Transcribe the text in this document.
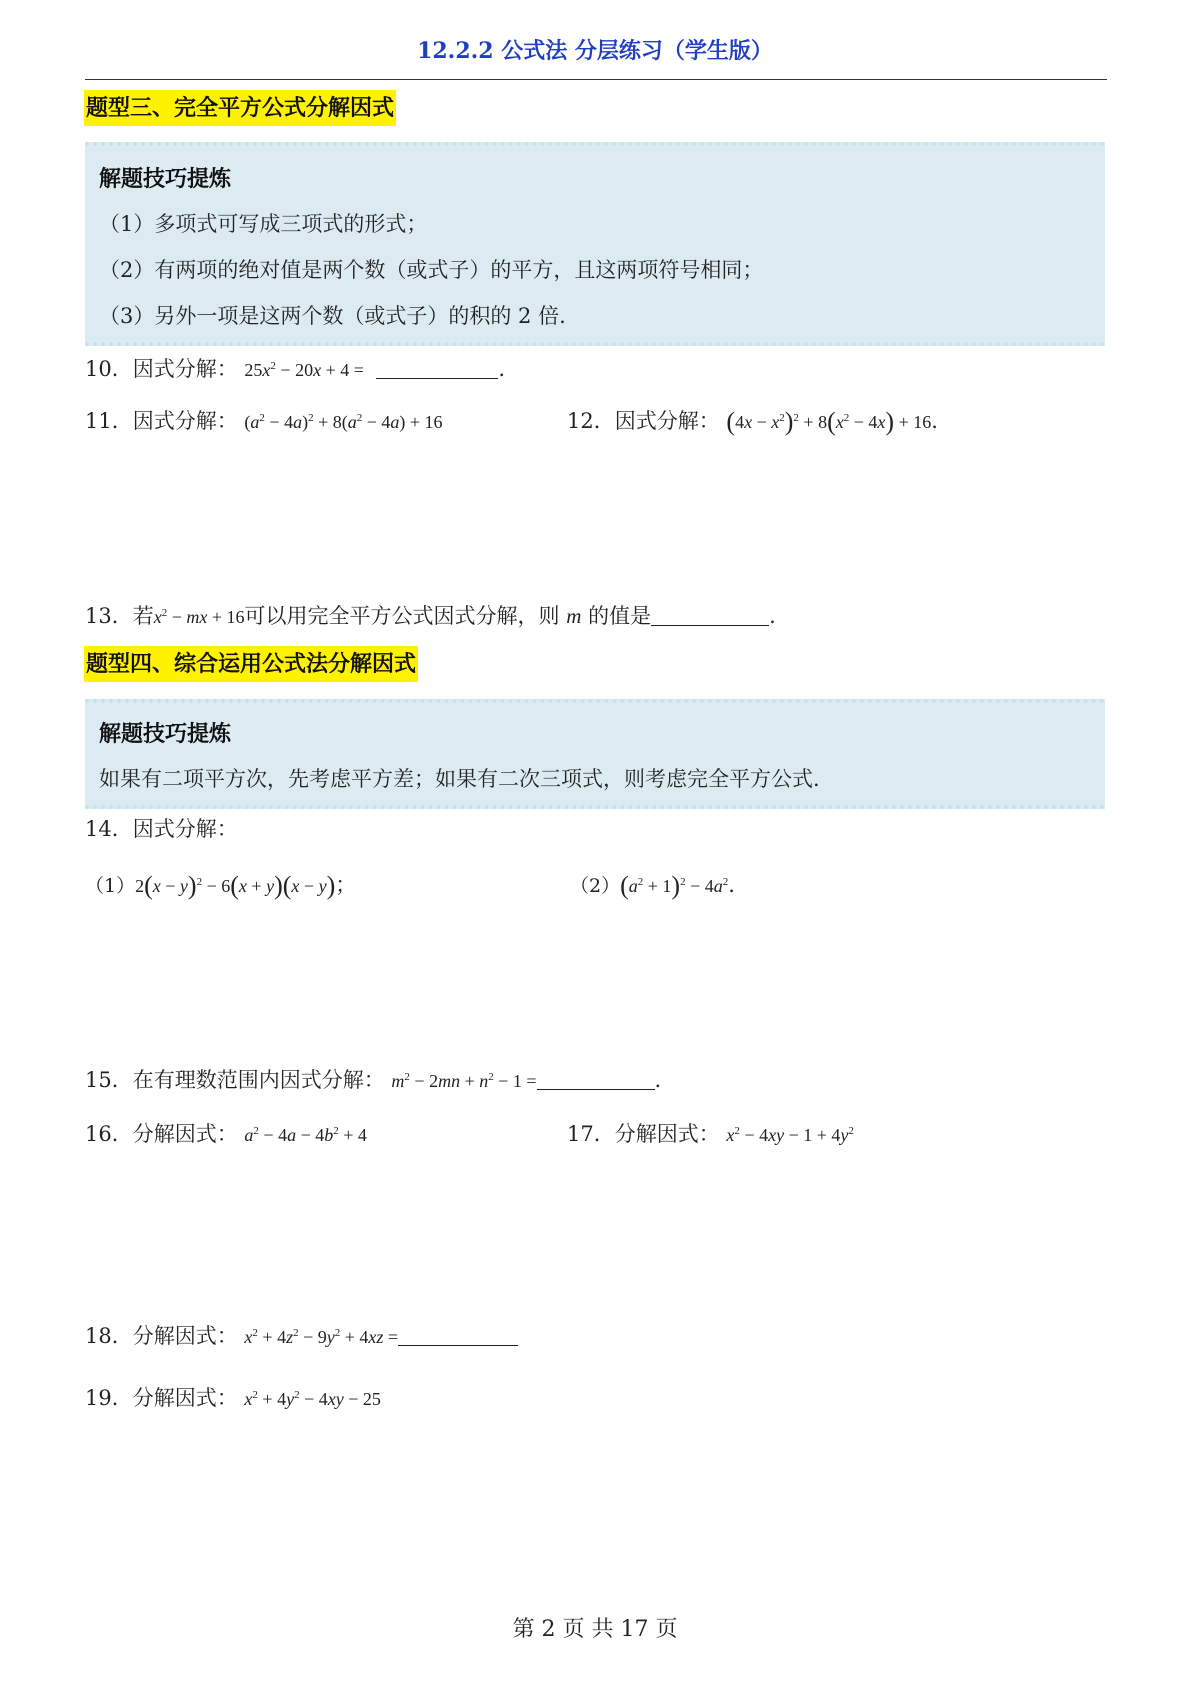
12.2.2 公式法 分层练习（学生版）
题型三、完全平方公式分解因式
解题技巧提炼
（1）多项式可写成三项式的形式；
（2）有两项的绝对值是两个数（或式子）的平方，且这两项符号相同；
（3）另外一项是这两个数（或式子）的积的 2 倍.
10．因式分解： $25x^2 - 20x + 4$ =	.
11．因式分解： $(a^2 - 4a)^2 + 8(a^2 - 4a) + 16$	12．因式分解： $(4x - x^2)^2 + 8(x^2 - 4x) + 16$.
13．若$x^2$ − mx + 16可以用完全平方公式因式分解，则 m 的值是	.
题型四、综合运用公式法分解因式
解题技巧提炼
如果有二项平方次，先考虑平方差；如果有二次三项式，则考虑完全平方公式.
14．因式分解：
$(1)2(x - y)^2 - 6(x + y)(x - y)$；	$(2)(a^2 + 1)^2 - 4a^2$.
15．在有理数范围内因式分解： $m^2 - 2mn + n^2 - 1$ =	.
16．分解因式： $a^2 - 4a - 4b^2 + 4$	17．分解因式： $x^2 - 4xy - 1 + 4y^2$
18．分解因式： $x^2 + 4z^2 - 9y^2 + 4xz$ =
19．分解因式： $x^2 + 4y^2 - 4xy - 25$
第 2 页 共 17 页
